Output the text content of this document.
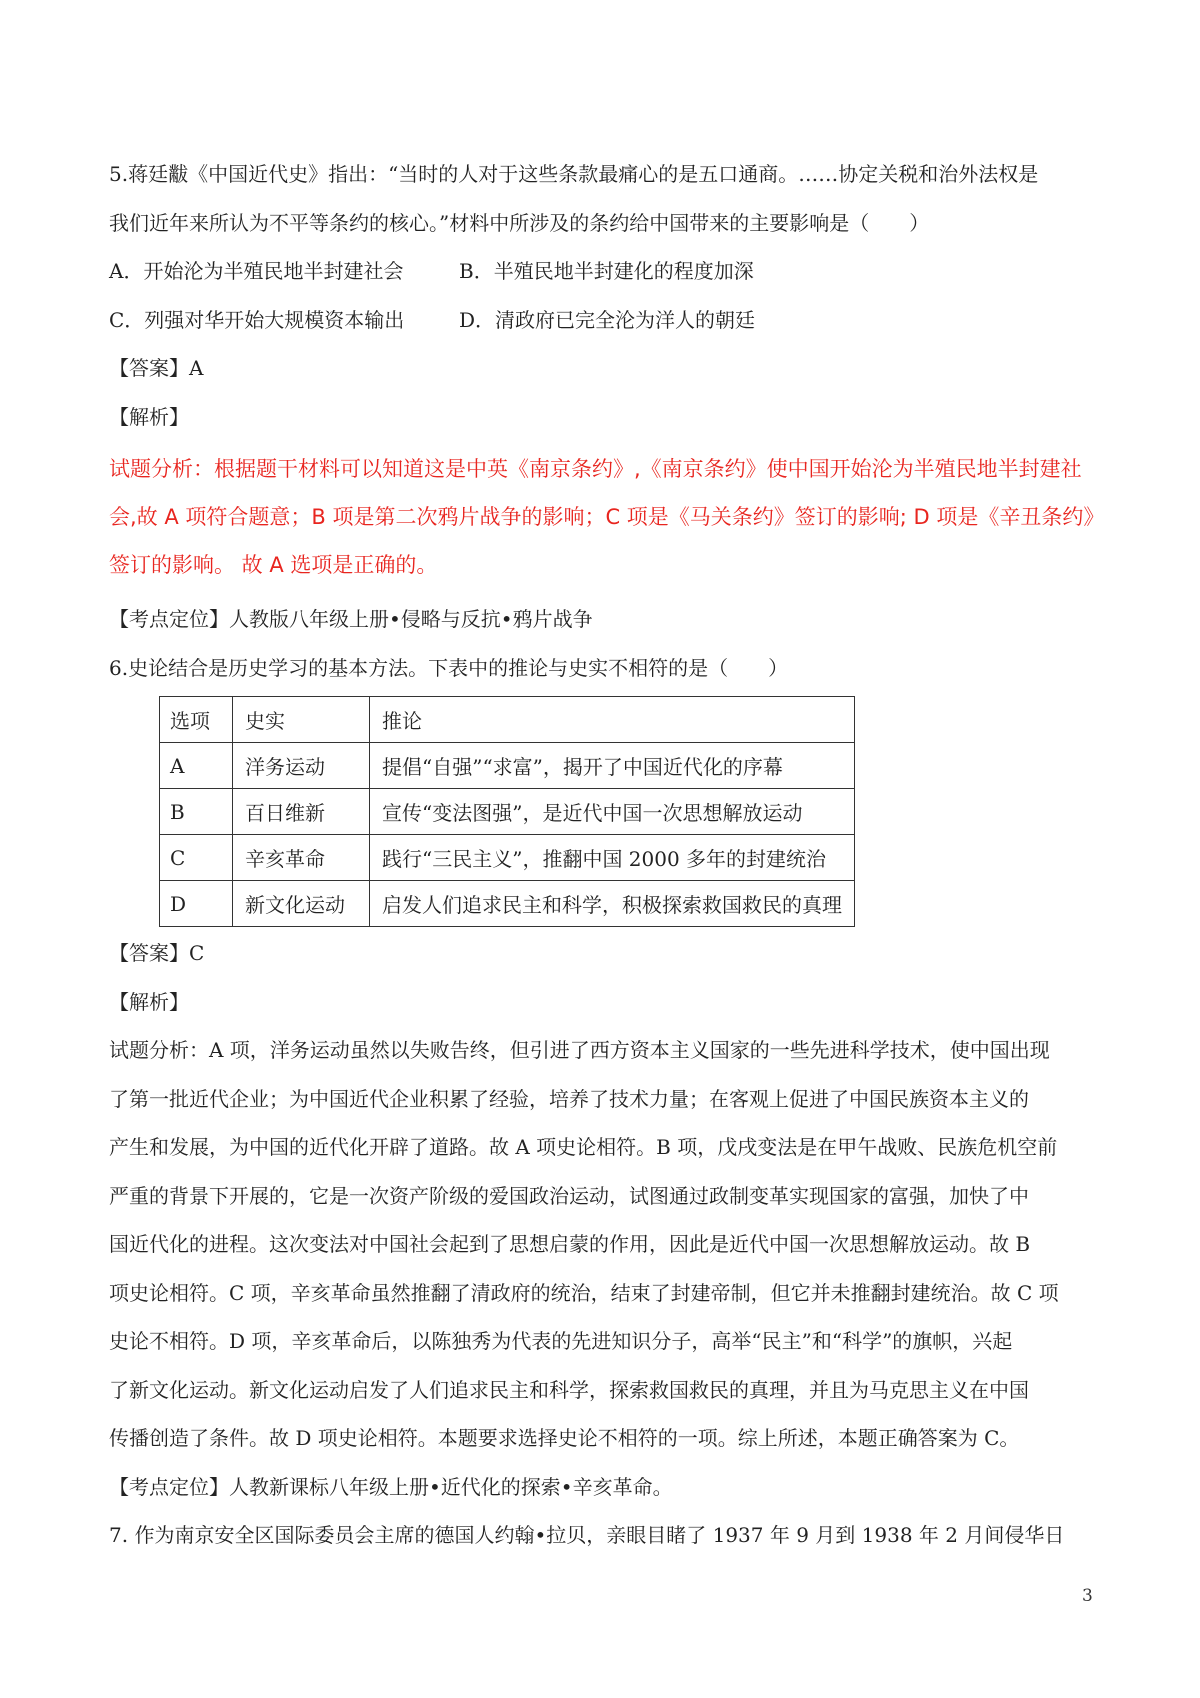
5.蒋廷黻《中国近代史》指出：“当时的人对于这些条款最痛心的是五口通商。……协定关税和治外法权是

我们近年来所认为不平等条约的核心。”材料中所涉及的条约给中国带来的主要影响是（　　）

A．开始沦为半殖民地半封建社会	B．半殖民地半封建化的程度加深
C．列强对华开始大规模资本输出	D．清政府已完全沦为洋人的朝廷

【答案】A

【解析】

试题分析：根据题干材料可以知道这是中英《南京条约》,《南京条约》使中国开始沦为半殖民地半封建社

会,故 A 项符合题意；B 项是第二次鸦片战争的影响；C 项是《马关条约》签订的影响; D 项是《辛丑条约》

签订的影响。 故 A 选项是正确的。

【考点定位】人教版八年级上册•侵略与反抗•鸦片战争

6.史论结合是历史学习的基本方法。下表中的推论与史实不相符的是（　　）

选项	史实	推论
A	洋务运动	提倡“自强”“求富”，揭开了中国近代化的序幕
B	百日维新	宣传“变法图强”，是近代中国一次思想解放运动
C	辛亥革命	践行“三民主义”，推翻中国 2000 多年的封建统治
D	新文化运动	启发人们追求民主和科学，积极探索救国救民的真理

【答案】C

【解析】

试题分析：A 项，洋务运动虽然以失败告终，但引进了西方资本主义国家的一些先进科学技术，使中国出现

了第一批近代企业；为中国近代企业积累了经验，培养了技术力量；在客观上促进了中国民族资本主义的

产生和发展，为中国的近代化开辟了道路。故 A 项史论相符。B 项，戊戌变法是在甲午战败、民族危机空前

严重的背景下开展的，它是一次资产阶级的爱国政治运动，试图通过政制变革实现国家的富强，加快了中

国近代化的进程。这次变法对中国社会起到了思想启蒙的作用，因此是近代中国一次思想解放运动。故 B

项史论相符。C 项，辛亥革命虽然推翻了清政府的统治，结束了封建帝制，但它并未推翻封建统治。故 C 项

史论不相符。D 项，辛亥革命后，以陈独秀为代表的先进知识分子，高举“民主”和“科学”的旗帜，兴起

了新文化运动。新文化运动启发了人们追求民主和科学，探索救国救民的真理，并且为马克思主义在中国

传播创造了条件。故 D 项史论相符。本题要求选择史论不相符的一项。综上所述，本题正确答案为 C。

【考点定位】人教新课标八年级上册•近代化的探索•辛亥革命。

7. 作为南京安全区国际委员会主席的德国人约翰•拉贝，亲眼目睹了 1937 年 9 月到 1938 年 2 月间侵华日

3
